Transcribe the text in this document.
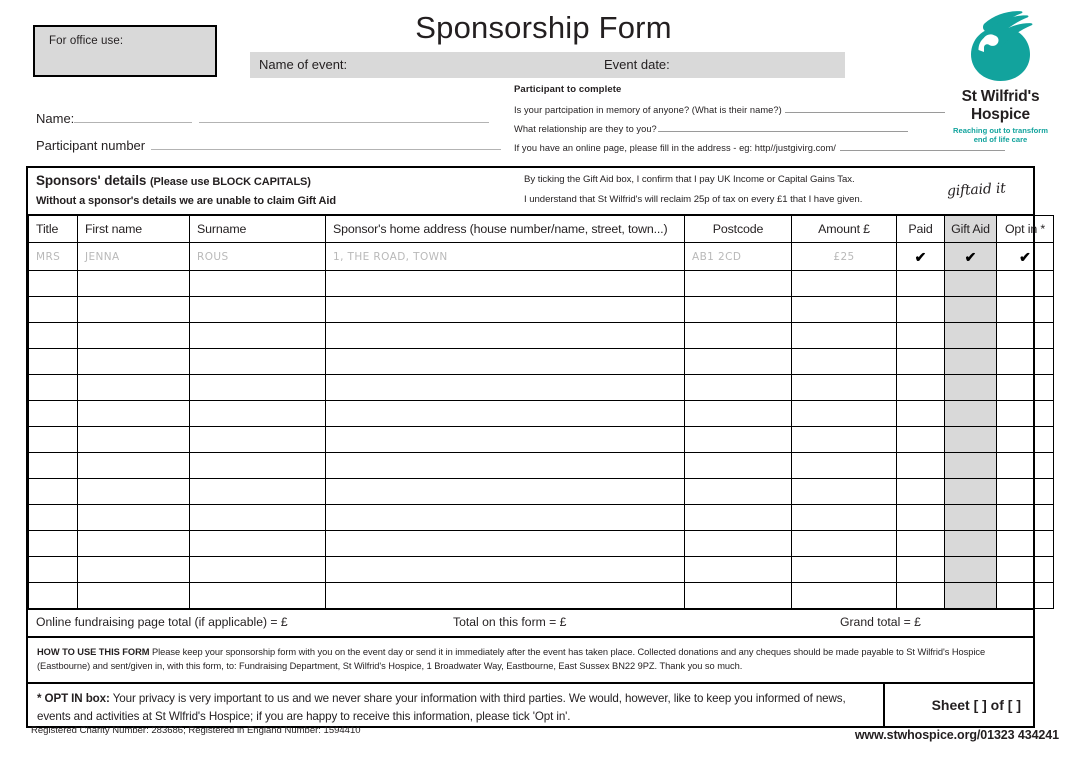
For office use:	Sponsorship Form
Name of event:	Event date:
Name:
Participant number
Participant to complete
Is your partcipation in memory of anyone? (What is their name?)
What relationship are they to you?
If you have an online page, please fill in the address - eg: http//justgivirg.com/
St Wilfrid's Hospice
Reaching out to transform
end of life care
Sponsors' details (Please use BLOCK CAPITALS)
Without a sponsor's details we are unable to claim Gift Aid
By ticking the Gift Aid box, I confirm that I pay UK Income or Capital Gains Tax.
I understand that St Wilfrid's will reclaim 25p of tax on every £1 that I have given.	giftaid it
Title	First name	Surname	Sponsor's home address (house number/name, street, town...)	Postcode	Amount £	Paid	Gift Aid	Opt in *

MRS	JENNA	ROUS	1, THE ROAD, TOWN	AB1 2CD	£25	✔	✔	✔

Online fundraising page total (if applicable) = £	Total on this form = £	Grand total = £
HOW TO USE THIS FORM Please keep your sponsorship form with you on the event day or send it in immediately after the event has taken place. Collected donations and any cheques should be made payable to St Wilfrid's Hospice (Eastbourne) and sent/given in, with this form, to: Fundraising Department, St Wilfrid's Hospice, 1 Broadwater Way, Eastbourne, East Sussex BN22 9PZ. Thank you so much.
* OPT IN box: Your privacy is very important to us and we never share your information with third parties. We would, however, like to keep you informed of news, events and activities at St Wlfrid's Hospice; if you are happy to receive this information, please tick 'Opt in'.
Sheet [ ] of [ ]
Registered Charity Number: 283686; Registered in England Number: 1594410	www.stwhospice.org/01323 434241
